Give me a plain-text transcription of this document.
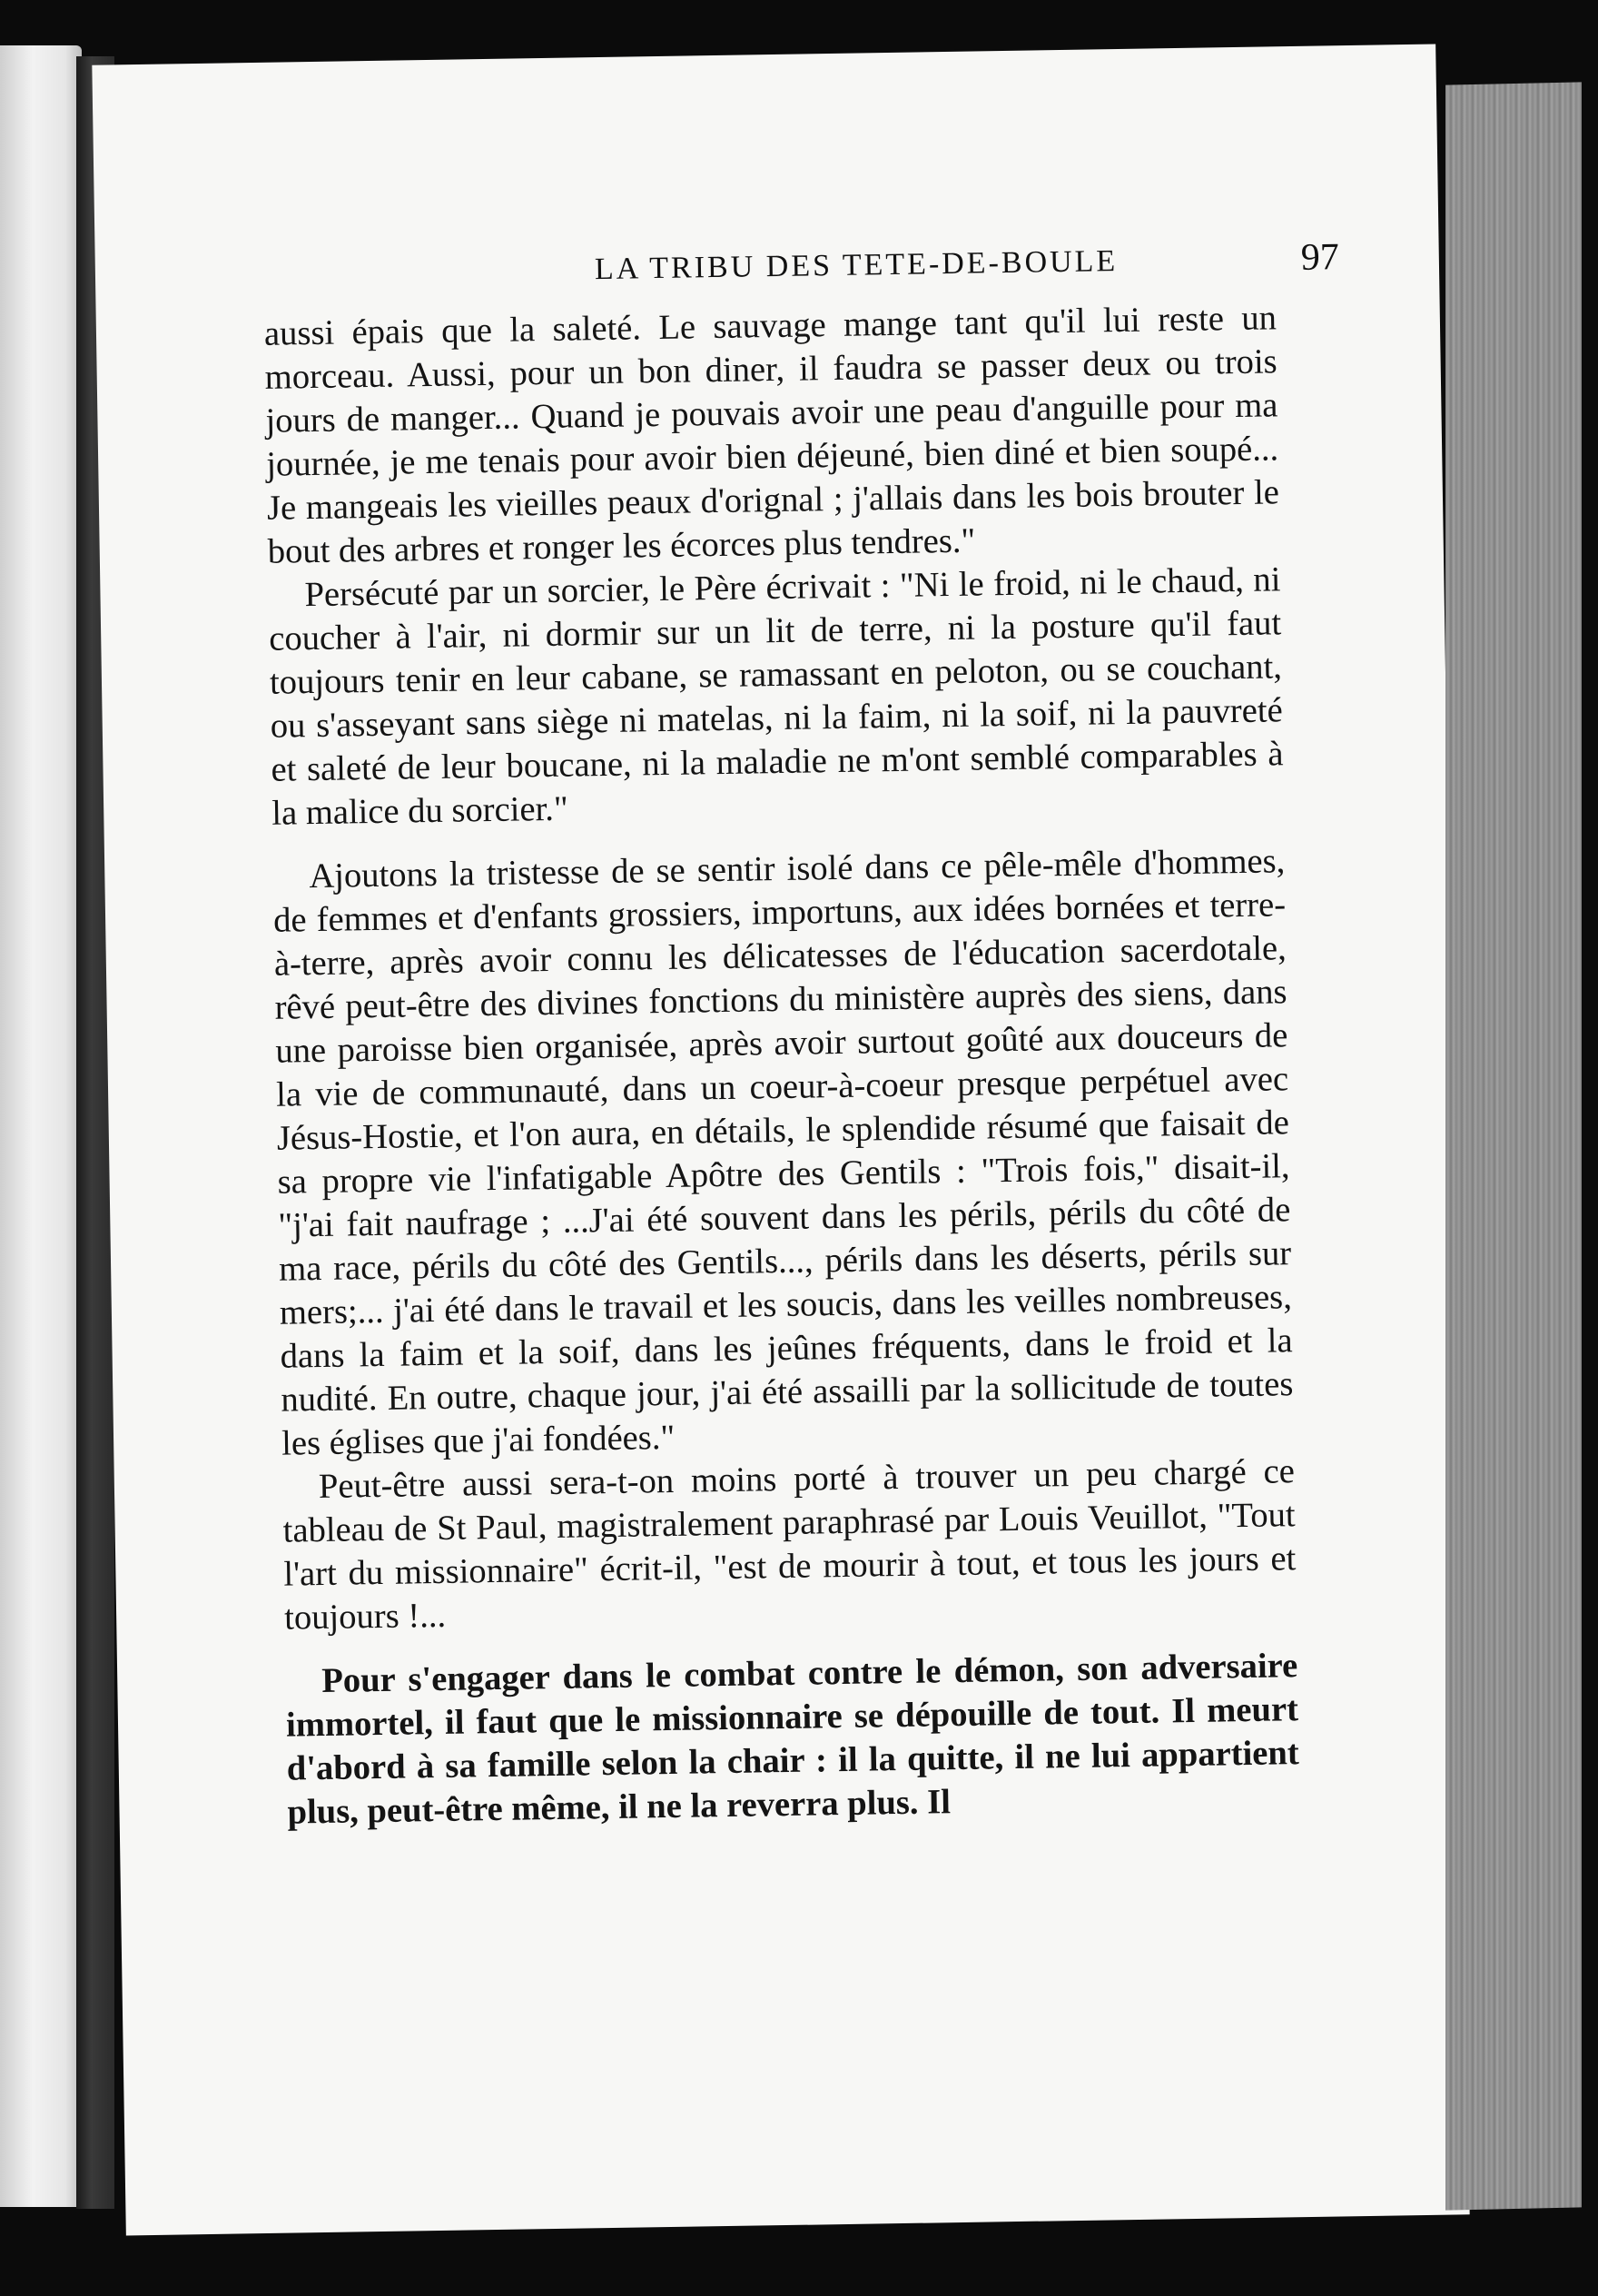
LA TRIBU DES TETE-DE-BOULE	97

aussi épais que la saleté. Le sauvage mange tant qu'il lui reste un morceau. Aussi, pour un bon diner, il faudra se passer deux ou trois jours de manger... Quand je pouvais avoir une peau d'anguille pour ma journée, je me tenais pour avoir bien déjeuné, bien diné et bien soupé... Je mangeais les vieilles peaux d'orignal ; j'allais dans les bois brouter le bout des arbres et ronger les écorces plus tendres."

Persécuté par un sorcier, le Père écrivait : "Ni le froid, ni le chaud, ni coucher à l'air, ni dormir sur un lit de terre, ni la posture qu'il faut toujours tenir en leur cabane, se ramassant en peloton, ou se couchant, ou s'asseyant sans siège ni matelas, ni la faim, ni la soif, ni la pauvreté et saleté de leur boucane, ni la maladie ne m'ont semblé comparables à la malice du sorcier."

Ajoutons la tristesse de se sentir isolé dans ce pêle-mêle d'hommes, de femmes et d'enfants grossiers, importuns, aux idées bornées et terre-à-terre, après avoir connu les délicatesses de l'éducation sacerdotale, rêvé peut-être des divines fonctions du ministère auprès des siens, dans une paroisse bien organisée, après avoir surtout goûté aux douceurs de la vie de communauté, dans un coeur-à-coeur presque perpétuel avec Jésus-Hostie, et l'on aura, en détails, le splendide résumé que faisait de sa propre vie l'infatigable Apôtre des Gentils : "Trois fois," disait-il, "j'ai fait naufrage ; ...J'ai été souvent dans les périls, périls du côté de ma race, périls du côté des Gentils..., périls dans les déserts, périls sur mers;... j'ai été dans le travail et les soucis, dans les veilles nombreuses, dans la faim et la soif, dans les jeûnes fréquents, dans le froid et la nudité. En outre, chaque jour, j'ai été assailli par la sollicitude de toutes les églises que j'ai fondées."

Peut-être aussi sera-t-on moins porté à trouver un peu chargé ce tableau de St Paul, magistralement paraphrasé par Louis Veuillot, "Tout l'art du missionnaire" écrit-il, "est de mourir à tout, et tous les jours et toujours !...

Pour s'engager dans le combat contre le démon, son adversaire immortel, il faut que le missionnaire se dépouille de tout. Il meurt d'abord à sa famille selon la chair : il la quitte, il ne lui appartient plus, peut-être même, il ne la reverra plus. Il
